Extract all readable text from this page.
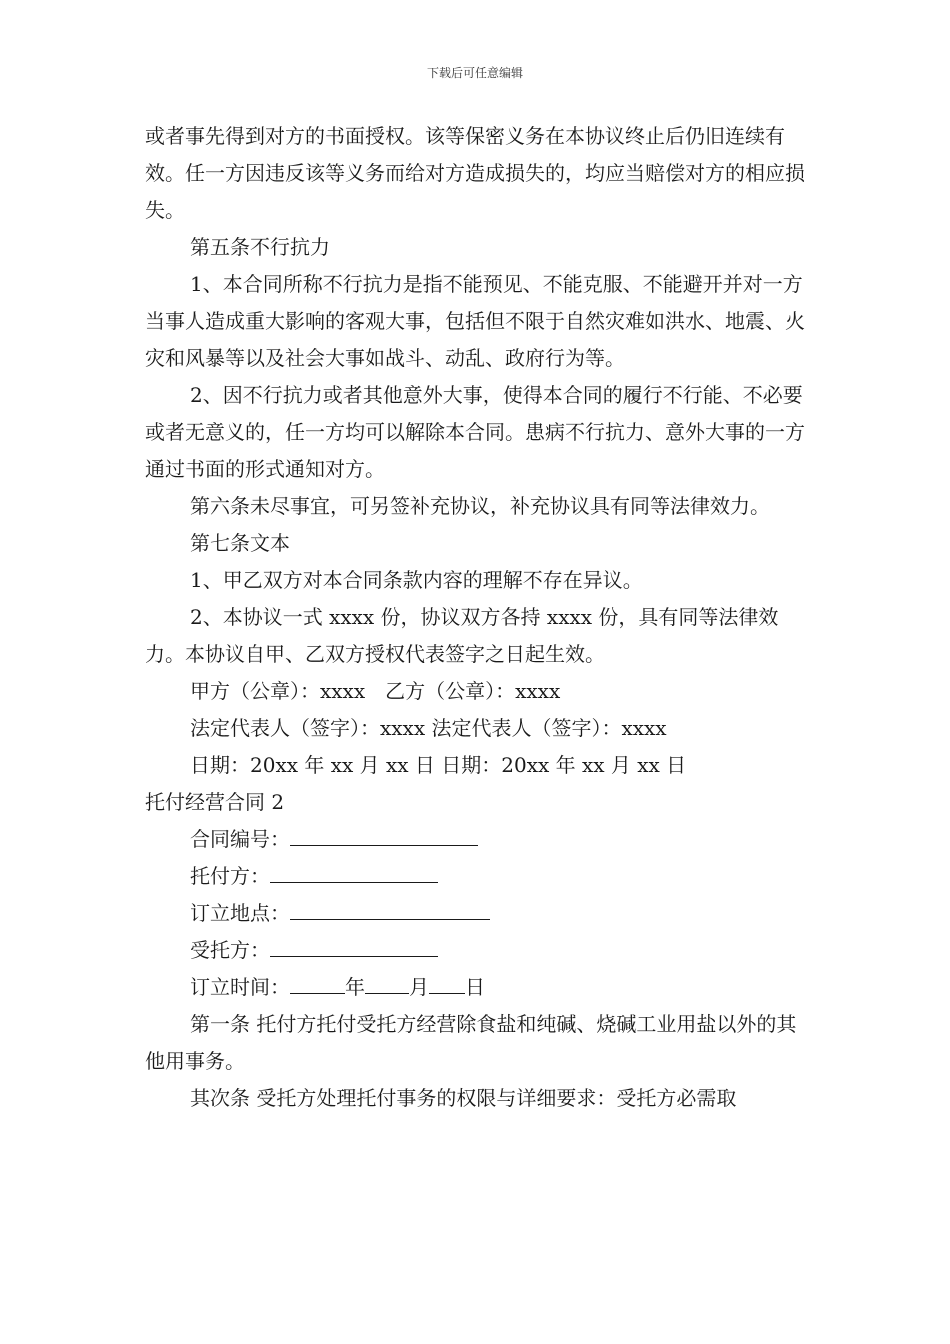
下载后可任意编辑

或者事先得到对方的书面授权。该等保密义务在本协议终止后仍旧连续有效。任一方因违反该等义务而给对方造成损失的，均应当赔偿对方的相应损失。

第五条不行抗力

1、本合同所称不行抗力是指不能预见、不能克服、不能避开并对一方当事人造成重大影响的客观大事，包括但不限于自然灾难如洪水、地震、火灾和风暴等以及社会大事如战斗、动乱、政府行为等。

2、因不行抗力或者其他意外大事，使得本合同的履行不行能、不必要或者无意义的，任一方均可以解除本合同。患病不行抗力、意外大事的一方通过书面的形式通知对方。

第六条未尽事宜，可另签补充协议，补充协议具有同等法律效力。

第七条文本

1、甲乙双方对本合同条款内容的理解不存在异议。

2、本协议一式 xxxx 份，协议双方各持 xxxx 份，具有同等法律效力。本协议自甲、乙双方授权代表签字之日起生效。

甲方（公章）：xxxx　乙方（公章）：xxxx

法定代表人（签字）：xxxx 法定代表人（签字）：xxxx

日期：20xx 年 xx 月 xx 日 日期：20xx 年 xx 月 xx 日

托付经营合同 2

合同编号：

托付方：

订立地点：

受托方：

订立时间：	年 月 日

第一条 托付方托付受托方经营除食盐和纯碱、烧碱工业用盐以外的其他用事务。

其次条 受托方处理托付事务的权限与详细要求：受托方必需取
